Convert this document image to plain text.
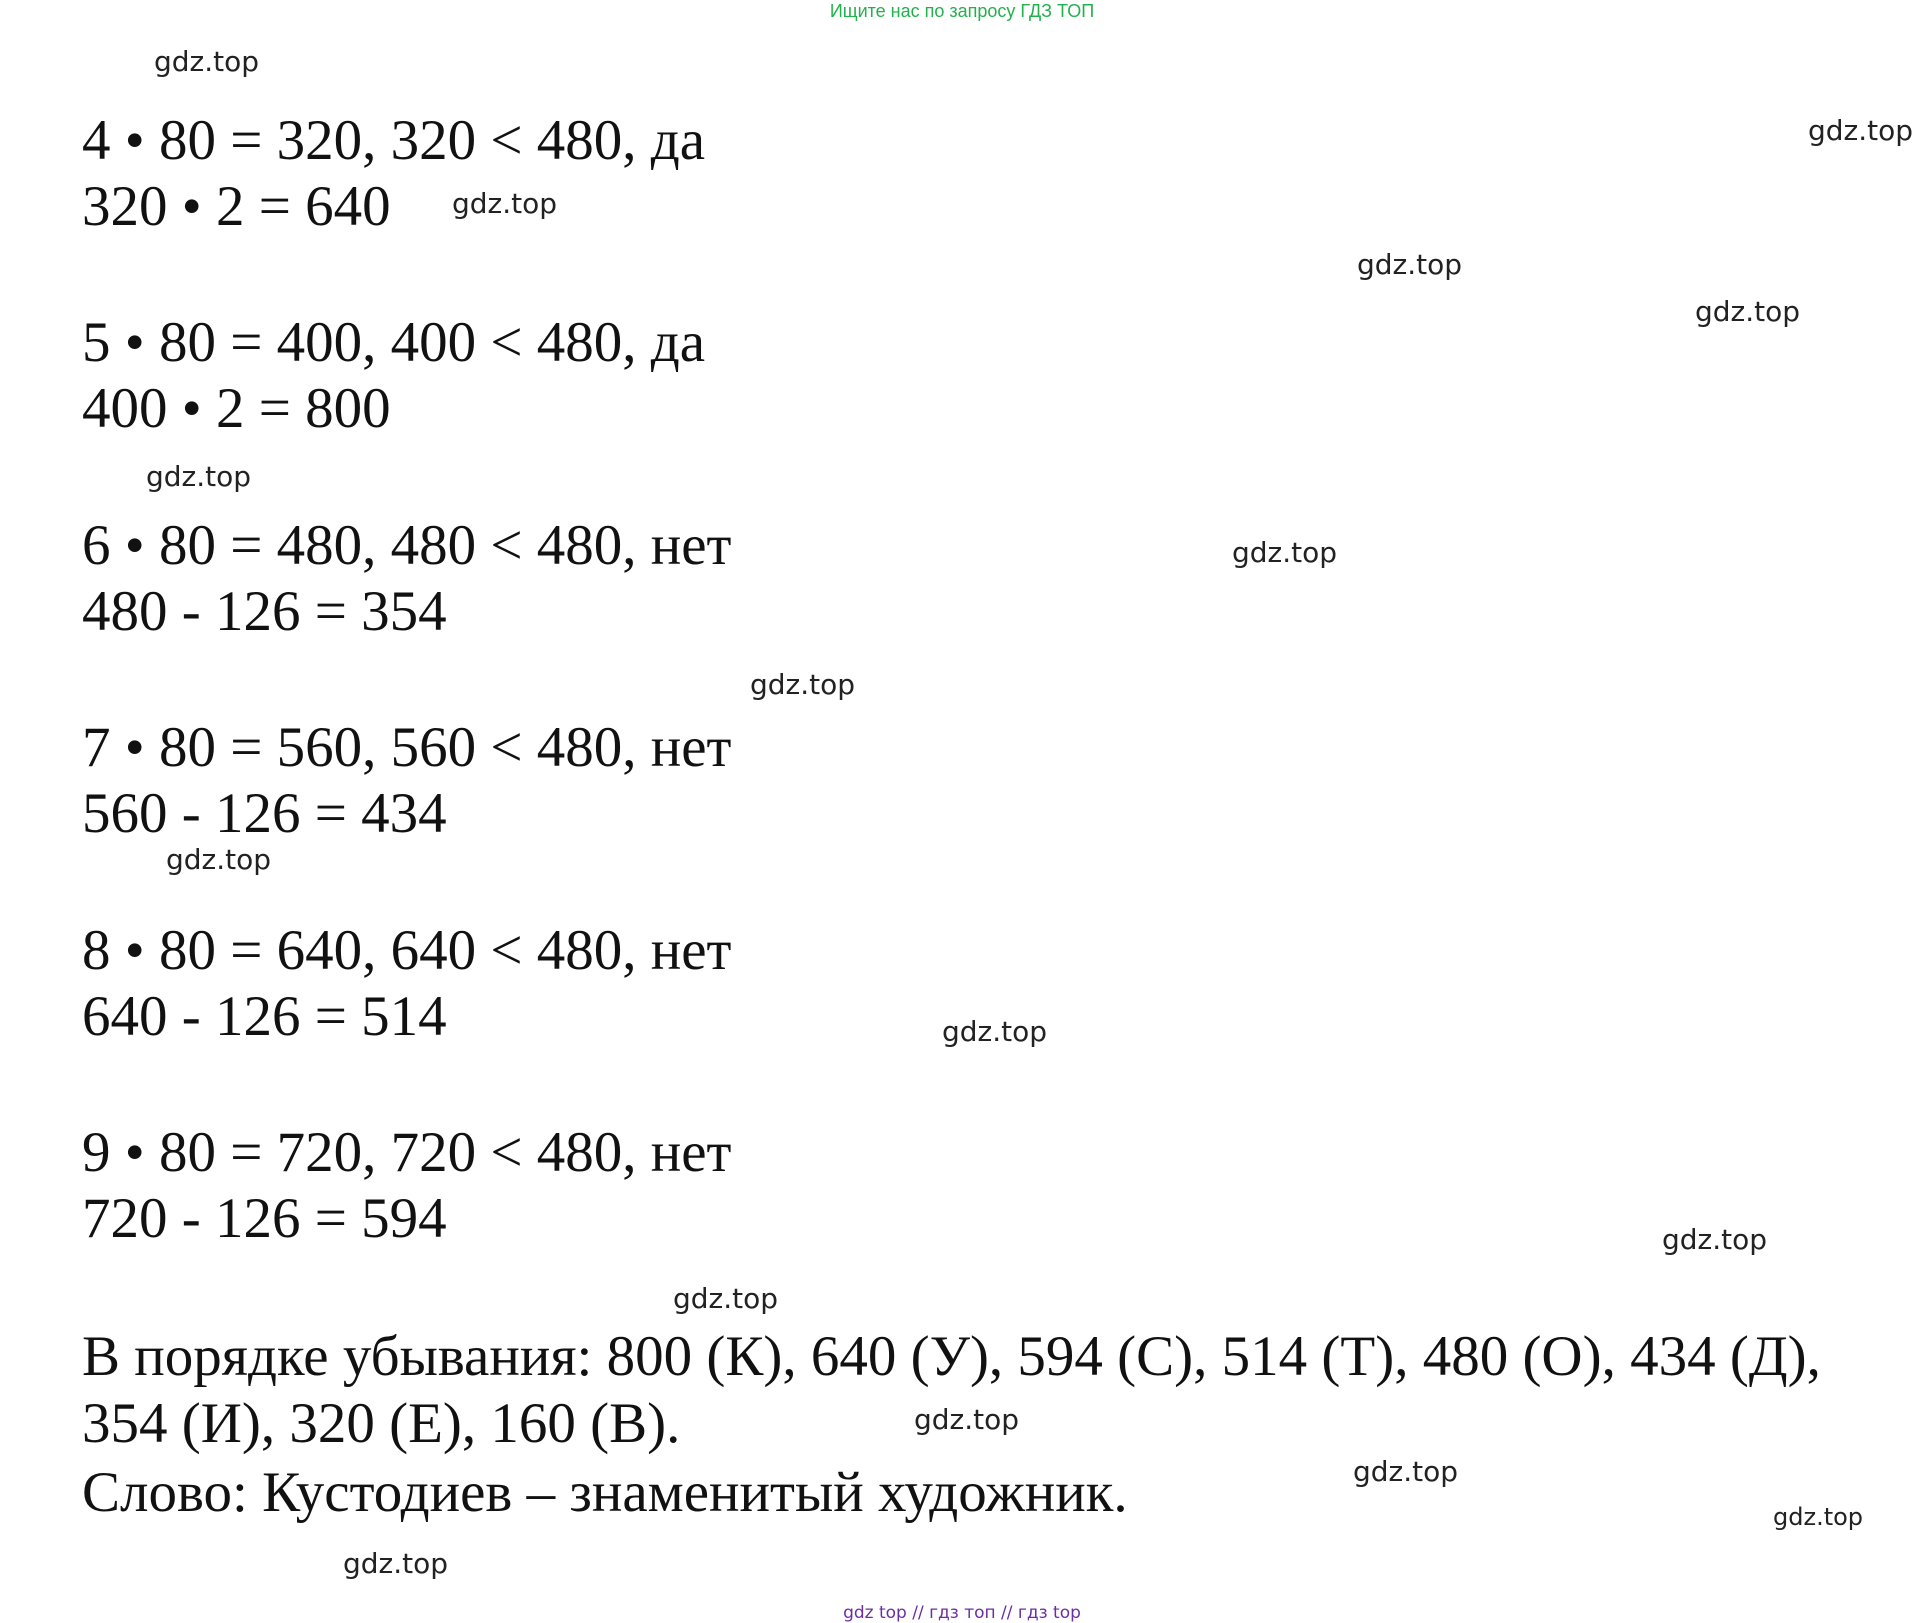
Ищите нас по запросу ГДЗ ТОП
4 • 80 = 320, 320 < 480, да
320 • 2 = 640
5 • 80 = 400, 400 < 480, да
400 • 2 = 800
6 • 80 = 480, 480 < 480, нет
480 - 126 = 354
7 • 80 = 560, 560 < 480, нет
560 - 126 = 434
8 • 80 = 640, 640 < 480, нет
640 - 126 = 514
9 • 80 = 720, 720 < 480, нет
720 - 126 = 594
В порядке убывания: 800 (К), 640 (У), 594 (С), 514 (Т), 480 (О), 434 (Д),
354 (И), 320 (Е), 160 (В).
Слово: Кустодиев – знаменитый художник.
gdz.top
gdz.top
gdz.top
gdz.top
gdz.top
gdz.top
gdz.top
gdz.top
gdz.top
gdz.top
gdz.top
gdz.top
gdz.top
gdz.top
gdz.top
gdz.top
gdz top // гдз топ // гдз top
